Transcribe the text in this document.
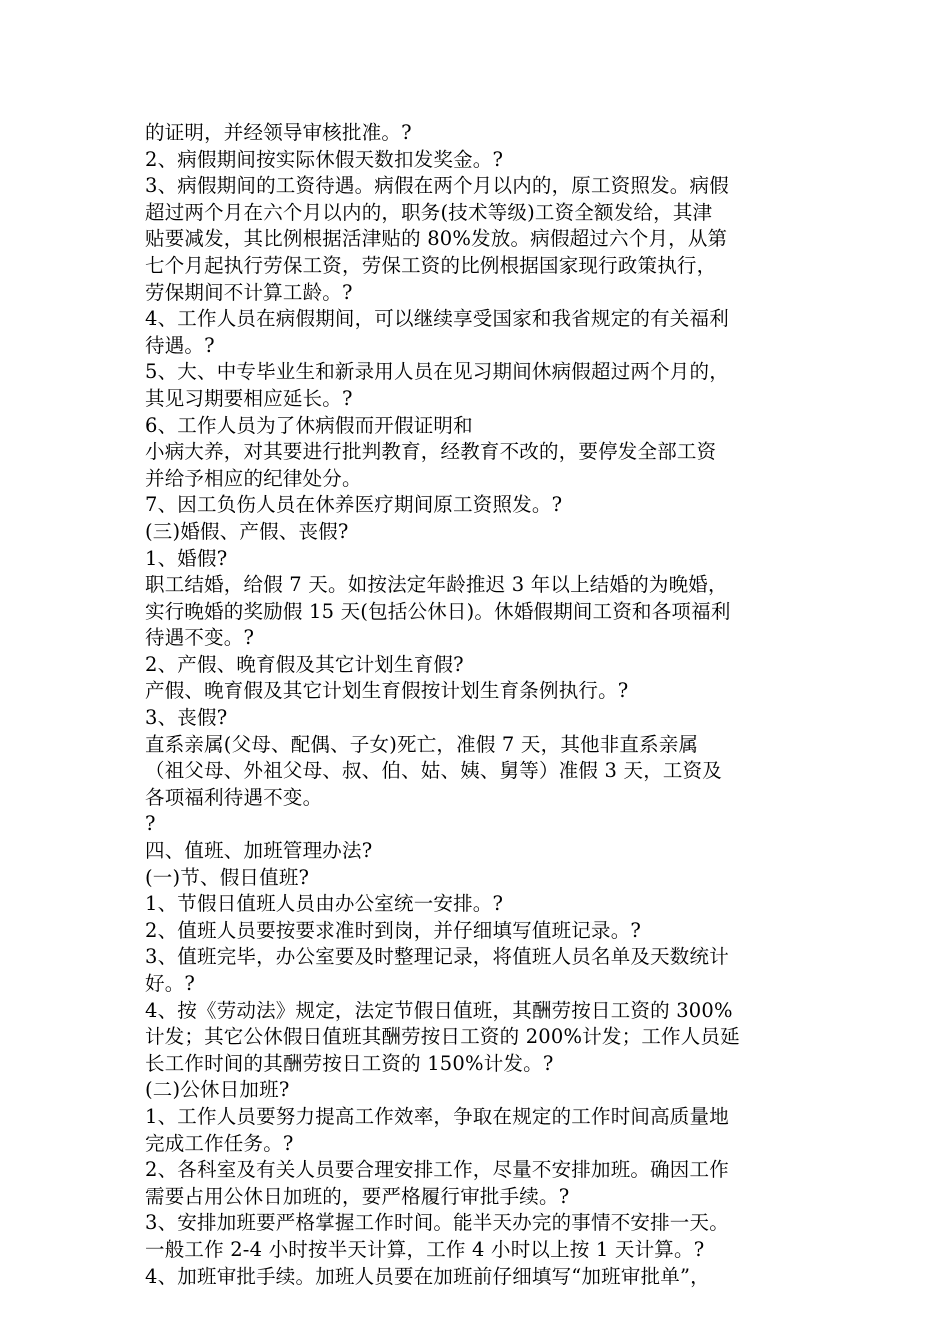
的证明，并经领导审核批准。?
2、病假期间按实际休假天数扣发奖金。?
3、病假期间的工资待遇。病假在两个月以内的，原工资照发。病假
超过两个月在六个月以内的，职务(技术等级)工资全额发给，其津
贴要减发，其比例根据活津贴的 80%发放。病假超过六个月，从第
七个月起执行劳保工资，劳保工资的比例根据国家现行政策执行，
劳保期间不计算工龄。?
4、工作人员在病假期间，可以继续享受国家和我省规定的有关福利
待遇。?
5、大、中专毕业生和新录用人员在见习期间休病假超过两个月的，
其见习期要相应延长。?
6、工作人员为了休病假而开假证明和
小病大养，对其要进行批判教育，经教育不改的，要停发全部工资
并给予相应的纪律处分。
7、因工负伤人员在休养医疗期间原工资照发。?
(三)婚假、产假、丧假?
1、婚假?
职工结婚，给假 7 天。如按法定年龄推迟 3 年以上结婚的为晚婚，
实行晚婚的奖励假 15 天(包括公休日)。休婚假期间工资和各项福利
待遇不变。?
2、产假、晚育假及其它计划生育假?
产假、晚育假及其它计划生育假按计划生育条例执行。?
3、丧假?
直系亲属(父母、配偶、子女)死亡，准假 7 天，其他非直系亲属
（祖父母、外祖父母、叔、伯、姑、姨、舅等）准假 3 天，工资及
各项福利待遇不变。
?
四、值班、加班管理办法?
(一)节、假日值班?
1、节假日值班人员由办公室统一安排。?
2、值班人员要按要求准时到岗，并仔细填写值班记录。?
3、值班完毕，办公室要及时整理记录，将值班人员名单及天数统计
好。?
4、按《劳动法》规定，法定节假日值班，其酬劳按日工资的 300%
计发；其它公休假日值班其酬劳按日工资的 200%计发；工作人员延
长工作时间的其酬劳按日工资的 150%计发。?
(二)公休日加班?
1、工作人员要努力提高工作效率，争取在规定的工作时间高质量地
完成工作任务。?
2、各科室及有关人员要合理安排工作，尽量不安排加班。确因工作
需要占用公休日加班的，要严格履行审批手续。?
3、安排加班要严格掌握工作时间。能半天办完的事情不安排一天。
一般工作 2-4 小时按半天计算，工作 4 小时以上按 1 天计算。?
4、加班审批手续。加班人员要在加班前仔细填写“加班审批单”，
